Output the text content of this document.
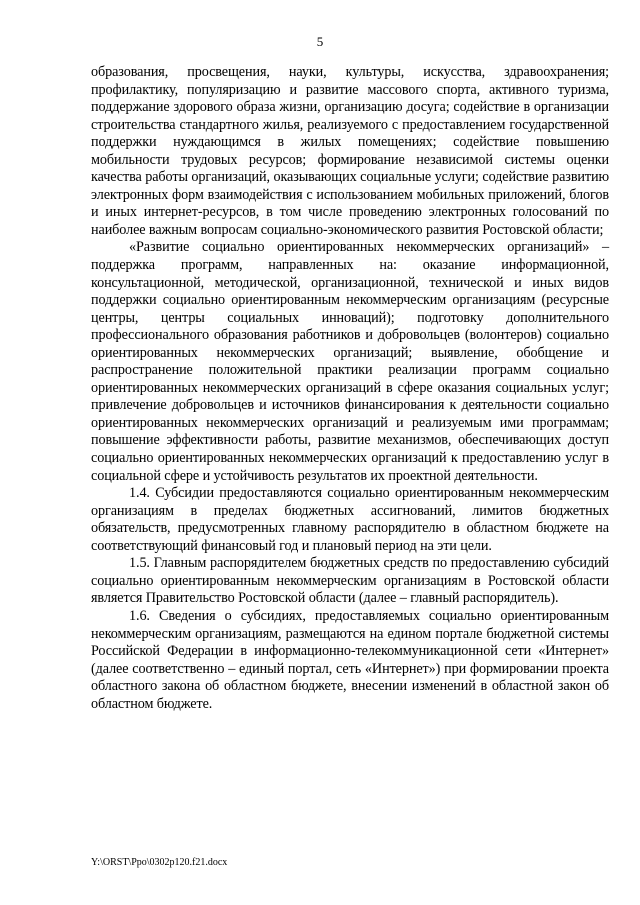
5

образования, просвещения, науки, культуры, искусства, здравоохранения; профилактику, популяризацию и развитие массового спорта, активного туризма, поддержание здорового образа жизни, организацию досуга; содействие в организации строительства стандартного жилья, реализуемого с предоставлением государственной поддержки нуждающимся в жилых помещениях; содействие повышению мобильности трудовых ресурсов; формирование независимой системы оценки качества работы организаций, оказывающих социальные услуги; содействие развитию электронных форм взаимодействия с использованием мобильных приложений, блогов и иных интернет-ресурсов, в том числе проведению электронных голосований по наиболее важным вопросам социально-экономического развития Ростовской области;

«Развитие социально ориентированных некоммерческих организаций» – поддержка программ, направленных на: оказание информационной, консультационной, методической, организационной, технической и иных видов поддержки социально ориентированным некоммерческим организациям (ресурсные центры, центры социальных инноваций); подготовку дополнительного профессионального образования работников и добровольцев (волонтеров) социально ориентированных некоммерческих организаций; выявление, обобщение и распространение положительной практики реализации программ социально ориентированных некоммерческих организаций в сфере оказания социальных услуг; привлечение добровольцев и источников финансирования к деятельности социально ориентированных некоммерческих организаций и реализуемым ими программам; повышение эффективности работы, развитие механизмов, обеспечивающих доступ социально ориентированных некоммерческих организаций к предоставлению услуг в социальной сфере и устойчивость результатов их проектной деятельности.

1.4. Субсидии предоставляются социально ориентированным некоммерческим организациям в пределах бюджетных ассигнований, лимитов бюджетных обязательств, предусмотренных главному распорядителю в областном бюджете на соответствующий финансовый год и плановый период на эти цели.

1.5. Главным распорядителем бюджетных средств по предоставлению субсидий социально ориентированным некоммерческим организациям в Ростовской области является Правительство Ростовской области (далее – главный распорядитель).

1.6. Сведения о субсидиях, предоставляемых социально ориентированным некоммерческим организациям, размещаются на едином портале бюджетной системы Российской Федерации в информационно-телекоммуникационной сети «Интернет» (далее соответственно – единый портал, сеть «Интернет») при формировании проекта областного закона об областном бюджете, внесении изменений в областной закон об областном бюджете.

Y:\ORST\Ppo\0302p120.f21.docx
